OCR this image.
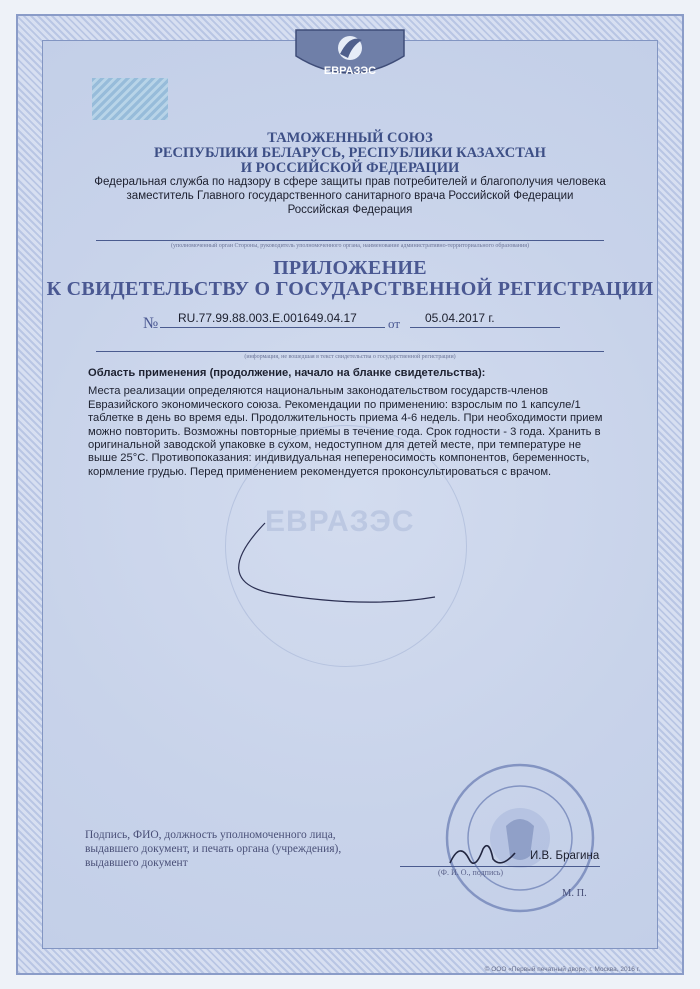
ЕВРАЗЭС
ТАМОЖЕННЫЙ СОЮЗ
РЕСПУБЛИКИ БЕЛАРУСЬ, РЕСПУБЛИКИ КАЗАХСТАН
И РОССИЙСКОЙ ФЕДЕРАЦИИ
Федеральная служба по надзору в сфере защиты прав потребителей и благополучия человека
заместитель Главного государственного санитарного врача Российской Федерации
Российская Федерация
(уполномоченный орган Стороны, руководитель уполномоченного органа, наименование административно-территориального образования)
ПРИЛОЖЕНИЕ
К СВИДЕТЕЛЬСТВУ О ГОСУДАРСТВЕННОЙ РЕГИСТРАЦИИ
№ RU.77.99.88.003.E.001649.04.17 от 05.04.2017 г.
(информация, не вошедшая в текст свидетельства о государственной регистрации)
ЕВРАЗЭС
Область применения (продолжение, начало на бланке свидетельства):
Места реализации определяются национальным законодательством государств-членов Евразийского экономического союза. Рекомендации по применению: взрослым по 1 капсуле/1 таблетке в день во время еды. Продолжительность приема 4-6 недель. При необходимости прием можно повторить. Возможны повторные приемы в течение года. Срок годности - 3 года. Хранить в оригинальной заводской упаковке в сухом, недоступном для детей месте, при температуре не выше 25°С. Противопоказания: индивидуальная непереносимость компонентов, беременность, кормление грудью. Перед применением рекомендуется проконсультироваться с врачом.
Подпись, ФИО, должность уполномоченного лица, выдавшего документ, и печать органа (учреждения), выдавшего документ
И.В. Брагина
(Ф. И. О., подпись)
М. П.
© ООО «Первый печатный двор», г. Москва, 2016 г.
